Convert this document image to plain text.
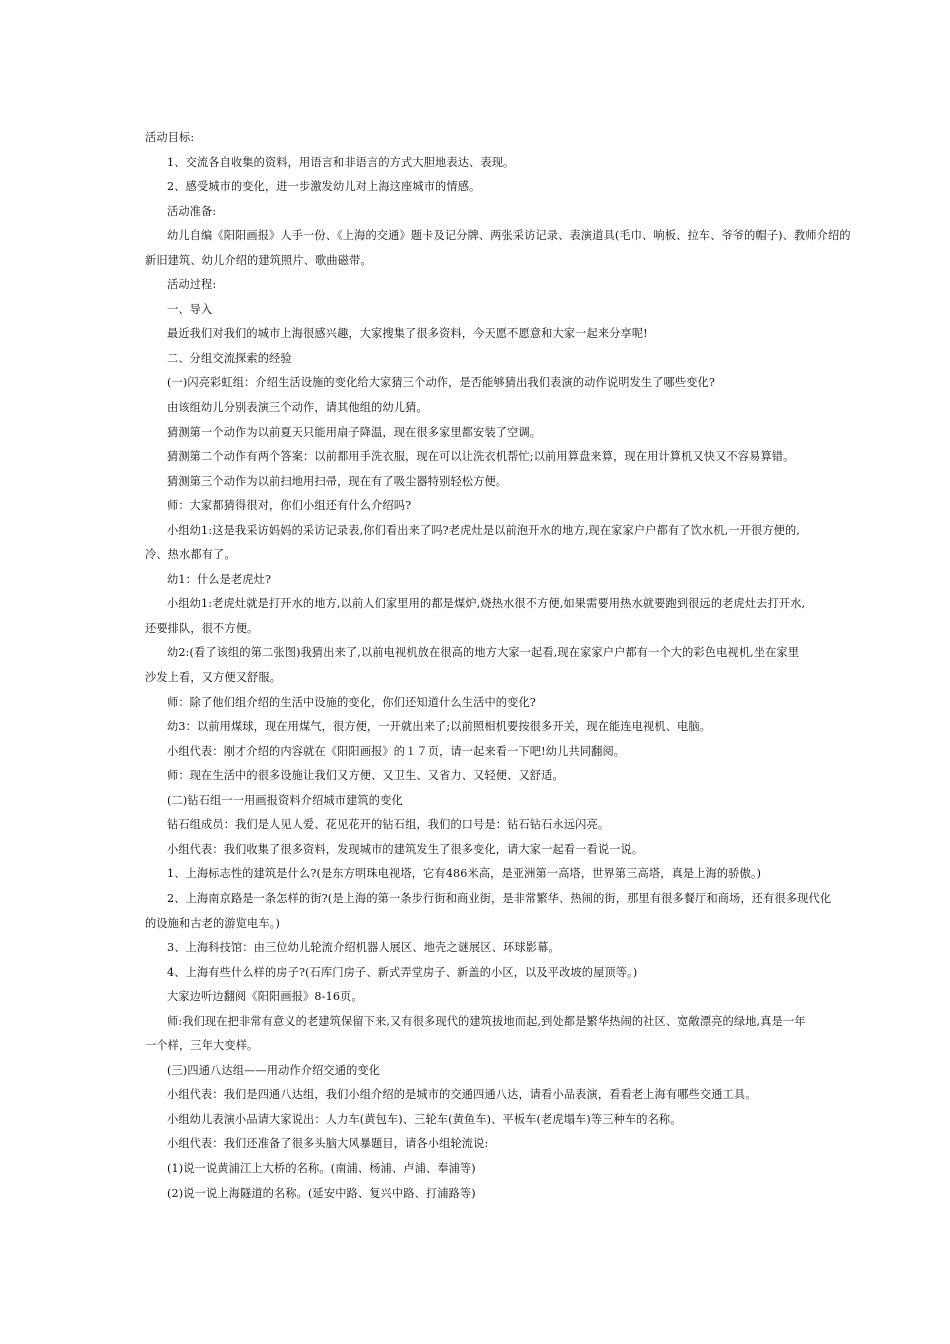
活动目标:
1、交流各自收集的资料，用语言和非语言的方式大胆地表达、表现。
2、感受城市的变化，进一步激发幼儿对上海这座城市的情感。
活动准备:
幼儿自编《阳阳画报》人手一份、《上海的交通》题卡及记分牌、两张采访记录、表演道具(毛巾、响板、拉车、爷爷的帽子)、教师介绍的
新旧建筑、幼儿介绍的建筑照片、歌曲磁带。
活动过程:
一、导入
最近我们对我们的城市上海很感兴趣，大家搜集了很多资料，今天愿不愿意和大家一起来分享呢!
二、分组交流探索的经验
(一)闪亮彩虹组：介绍生活设施的变化给大家猜三个动作，是否能够猜出我们表演的动作说明发生了哪些变化?
由该组幼儿分别表演三个动作，请其他组的幼儿猜。
猜测第一个动作为以前夏天只能用扇子降温，现在很多家里都安装了空调。
猜测第二个动作有两个答案：以前都用手洗衣服，现在可以让洗衣机帮忙;以前用算盘来算，现在用计算机又快又不容易算错。
猜测第三个动作为以前扫地用扫帚，现在有了吸尘器特别轻松方便。
师：大家都猜得很对，你们小组还有什么介绍吗?
小组幼1:这是我采访妈妈的采访记录表,你们看出来了吗?老虎灶是以前泡开水的地方,现在家家户户都有了饮水机,一开很方便的,
冷、热水都有了。
幼1：什么是老虎灶?
小组幼1:老虎灶就是打开水的地方,以前人们家里用的都是煤炉,烧热水很不方便,如果需要用热水就要跑到很远的老虎灶去打开水,
还要排队，很不方便。
幼2:(看了该组的第二张图)我猜出来了,以前电视机放在很高的地方大家一起看,现在家家户户都有一个大的彩色电视机,坐在家里
沙发上看，又方便又舒服。
师：除了他们组介绍的生活中设施的变化，你们还知道什么生活中的变化?
幼3：以前用煤球，现在用煤气，很方便，一开就出来了;以前照相机要按很多开关，现在能连电视机、电脑。
小组代表：刚才介绍的内容就在《阳阳画报》的１７页，请一起来看一下吧!幼儿共同翻阅。
师：现在生活中的很多设施让我们又方便、又卫生、又省力、又轻便、又舒适。
(二)钻石组一一用画报资料介绍城市建筑的变化
钻石组成员：我们是人见人爱、花见花开的钻石组，我们的口号是：钻石钻石永远闪亮。
小组代表：我们收集了很多资料，发现城市的建筑发生了很多变化，请大家一起看一看说一说。
1、上海标志性的建筑是什么?(是东方明珠电视塔，它有486米高，是亚洲第一高塔，世界第三高塔，真是上海的骄傲。)
2、上海南京路是一条怎样的街?(是上海的第一条步行街和商业街，是非常繁华、热闹的街，那里有很多餐厅和商场，还有很多现代化
的设施和古老的游览电车。)
3、上海科技馆：由三位幼儿轮流介绍机器人展区、地壳之谜展区、环球影幕。
4、上海有些什么样的房子?(石库门房子、新式弄堂房子、新盖的小区，以及平改坡的屋顶等。)
大家边听边翻阅《阳阳画报》8-16页。
师:我们现在把非常有意义的老建筑保留下来,又有很多现代的建筑拔地而起,到处都是繁华热闹的社区、宽敞漂亮的绿地,真是一年
一个样，三年大变样。
(三)四通八达组——用动作介绍交通的变化
小组代表：我们是四通八达组，我们小组介绍的是城市的交通四通八达，请看小品表演，看看老上海有哪些交通工具。
小组幼儿表演小品请大家说出：人力车(黄包车)、三轮车(黄鱼车)、平板车(老虎塌车)等三种车的名称。
小组代表：我们还准备了很多头脑大风暴题目，请各小组轮流说:
(1)说一说黄浦江上大桥的名称。(南浦、杨浦、卢浦、奉浦等)
(2)说一说上海隧道的名称。(延安中路、复兴中路、打浦路等)
